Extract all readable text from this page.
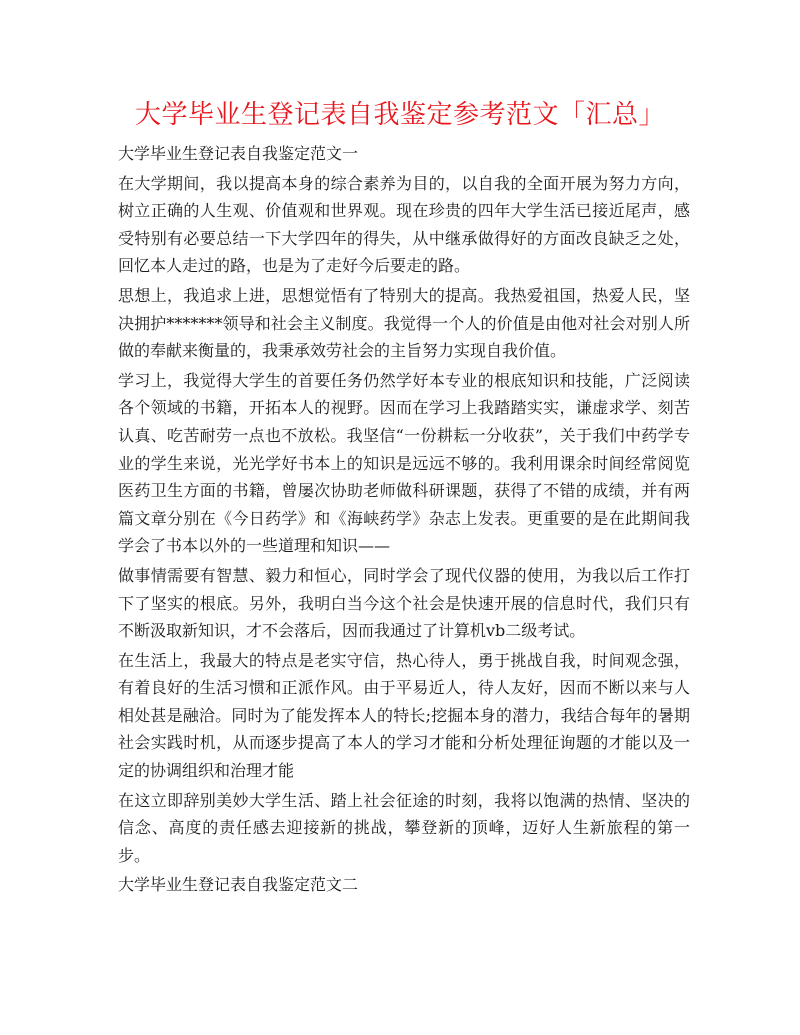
大学毕业生登记表自我鉴定参考范文「汇总」

大学毕业生登记表自我鉴定范文一

在大学期间，我以提高本身的综合素养为目的，以自我的全面开展为努力方向，树立正确的人生观、价值观和世界观。现在珍贵的四年大学生活已接近尾声，感受特别有必要总结一下大学四年的得失，从中继承做得好的方面改良缺乏之处，回忆本人走过的路，也是为了走好今后要走的路。

思想上，我追求上进，思想觉悟有了特别大的提高。我热爱祖国，热爱人民，坚决拥护*******领导和社会主义制度。我觉得一个人的价值是由他对社会对别人所做的奉献来衡量的，我秉承效劳社会的主旨努力实现自我价值。

学习上，我觉得大学生的首要任务仍然学好本专业的根底知识和技能，广泛阅读各个领域的书籍，开拓本人的视野。因而在学习上我踏踏实实，谦虚求学、刻苦认真、吃苦耐劳一点也不放松。我坚信“一份耕耘一分收获”，关于我们中药学专业的学生来说，光光学好书本上的知识是远远不够的。我利用课余时间经常阅览医药卫生方面的书籍，曾屡次协助老师做科研课题，获得了不错的成绩，并有两篇文章分别在《今日药学》和《海峡药学》杂志上发表。更重要的是在此期间我学会了书本以外的一些道理和知识——

做事情需要有智慧、毅力和恒心，同时学会了现代仪器的使用，为我以后工作打下了坚实的根底。另外，我明白当今这个社会是快速开展的信息时代，我们只有不断汲取新知识，才不会落后，因而我通过了计算机vb二级考试。

在生活上，我最大的特点是老实守信，热心待人，勇于挑战自我，时间观念强，有着良好的生活习惯和正派作风。由于平易近人，待人友好，因而不断以来与人相处甚是融洽。同时为了能发挥本人的特长;挖掘本身的潜力，我结合每年的暑期社会实践时机，从而逐步提高了本人的学习才能和分析处理征询题的才能以及一定的协调组织和治理才能

在这立即辞别美妙大学生活、踏上社会征途的时刻，我将以饱满的热情、坚决的信念、高度的责任感去迎接新的挑战，攀登新的顶峰，迈好人生新旅程的第一步。

大学毕业生登记表自我鉴定范文二
